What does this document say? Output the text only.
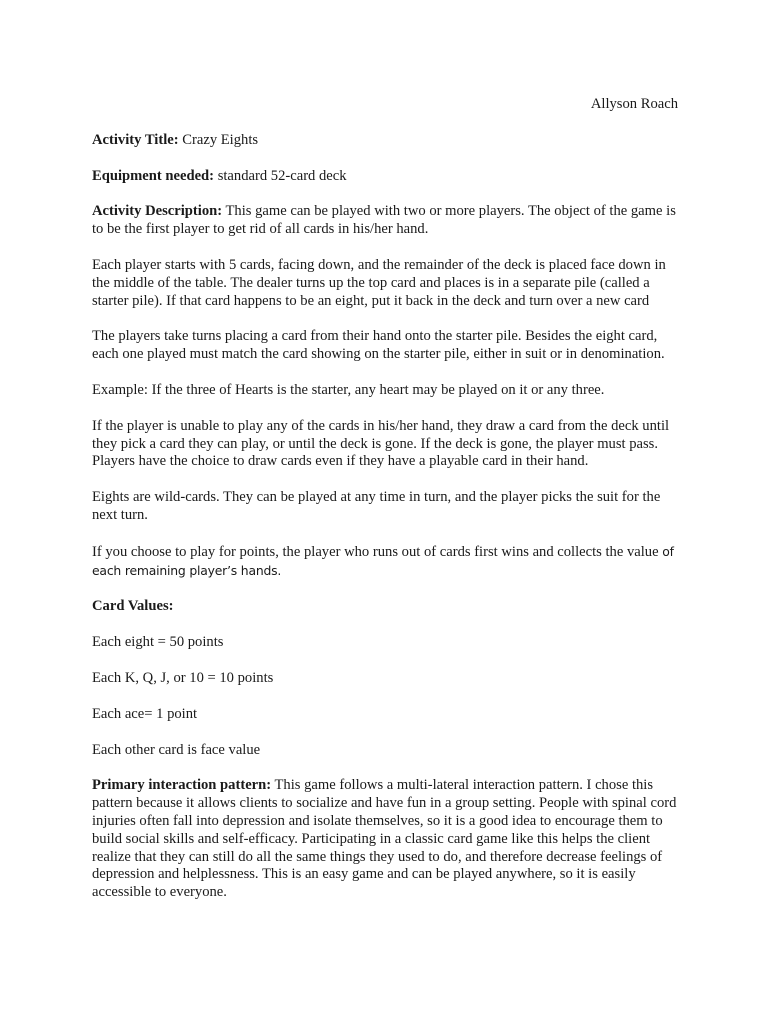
Allyson Roach

Activity Title: Crazy Eights

Equipment needed: standard 52-card deck

Activity Description: This game can be played with two or more players. The object of the game is to be the first player to get rid of all cards in his/her hand.

Each player starts with 5 cards, facing down, and the remainder of the deck is placed face down in the middle of the table. The dealer turns up the top card and places is in a separate pile (called a starter pile). If that card happens to be an eight, put it back in the deck and turn over a new card

The players take turns placing a card from their hand onto the starter pile. Besides the eight card, each one played must match the card showing on the starter pile, either in suit or in denomination.

Example: If the three of Hearts is the starter, any heart may be played on it or any three.

If the player is unable to play any of the cards in his/her hand, they draw a card from the deck until they pick a card they can play, or until the deck is gone. If the deck is gone, the player must pass. Players have the choice to draw cards even if they have a playable card in their hand.

Eights are wild-cards. They can be played at any time in turn, and the player picks the suit for the next turn.

If you choose to play for points, the player who runs out of cards first wins and collects the value of each remaining player’s hands.

Card Values:

Each eight = 50 points

Each K, Q, J, or 10 = 10 points

Each ace= 1 point

Each other card is face value

Primary interaction pattern: This game follows a multi-lateral interaction pattern. I chose this pattern because it allows clients to socialize and have fun in a group setting. People with spinal cord injuries often fall into depression and isolate themselves, so it is a good idea to encourage them to build social skills and self-efficacy. Participating in a classic card game like this helps the client realize that they can still do all the same things they used to do, and therefore decrease feelings of depression and helplessness. This is an easy game and can be played anywhere, so it is easily accessible to everyone.
